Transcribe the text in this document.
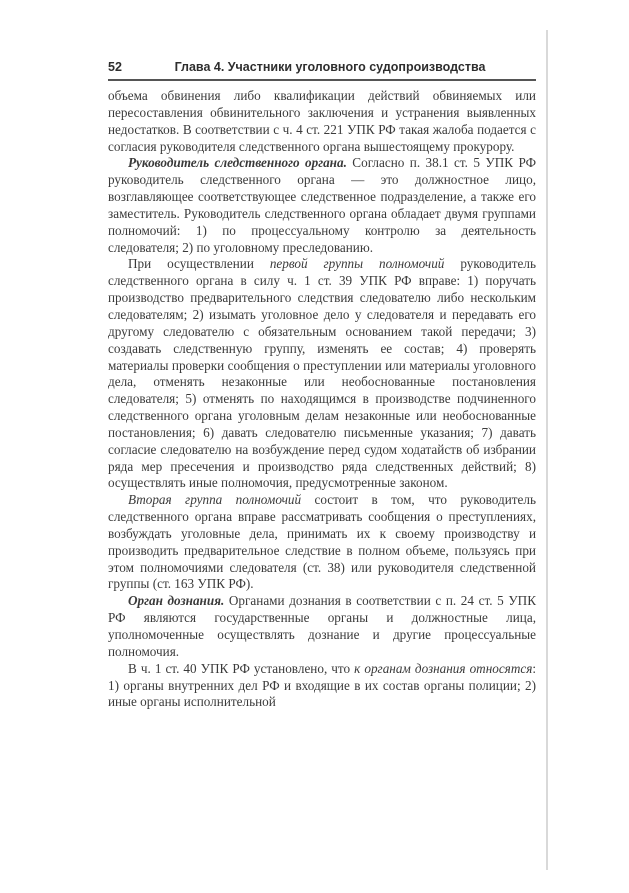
52	Глава 4. Участники уголовного судопроизводства

объема обвинения либо квалификации действий обвиняемых или пересоставления обвинительного заключения и устранения выявленных недостатков. В соответствии с ч. 4 ст. 221 УПК РФ такая жалоба подается с согласия руководителя следственного органа вышестоящему прокурору.

Руководитель следственного органа. Согласно п. 38.1 ст. 5 УПК РФ руководитель следственного органа — это должностное лицо, возглавляющее соответствующее следственное подразделение, а также его заместитель. Руководитель следственного органа обладает двумя группами полномочий: 1) по процессуальному контролю за деятельность следователя; 2) по уголовному преследованию.

При осуществлении первой группы полномочий руководитель следственного органа в силу ч. 1 ст. 39 УПК РФ вправе: 1) поручать производство предварительного следствия следователю либо нескольким следователям; 2) изымать уголовное дело у следователя и передавать его другому следователю с обязательным основанием такой передачи; 3) создавать следственную группу, изменять ее состав; 4) проверять материалы проверки сообщения о преступлении или материалы уголовного дела, отменять незаконные или необоснованные постановления следователя; 5) отменять по находящимся в производстве подчиненного следственного органа уголовным делам незаконные или необоснованные постановления; 6) давать следователю письменные указания; 7) давать согласие следователю на возбуждение перед судом ходатайств об избрании ряда мер пресечения и производство ряда следственных действий; 8) осуществлять иные полномочия, предусмотренные законом.

Вторая группа полномочий состоит в том, что руководитель следственного органа вправе рассматривать сообщения о преступлениях, возбуждать уголовные дела, принимать их к своему производству и производить предварительное следствие в полном объеме, пользуясь при этом полномочиями следователя (ст. 38) или руководителя следственной группы (ст. 163 УПК РФ).

Орган дознания. Органами дознания в соответствии с п. 24 ст. 5 УПК РФ являются государственные органы и должностные лица, уполномоченные осуществлять дознание и другие процессуальные полномочия.

В ч. 1 ст. 40 УПК РФ установлено, что к органам дознания относятся: 1) органы внутренних дел РФ и входящие в их состав органы полиции; 2) иные органы исполнительной
